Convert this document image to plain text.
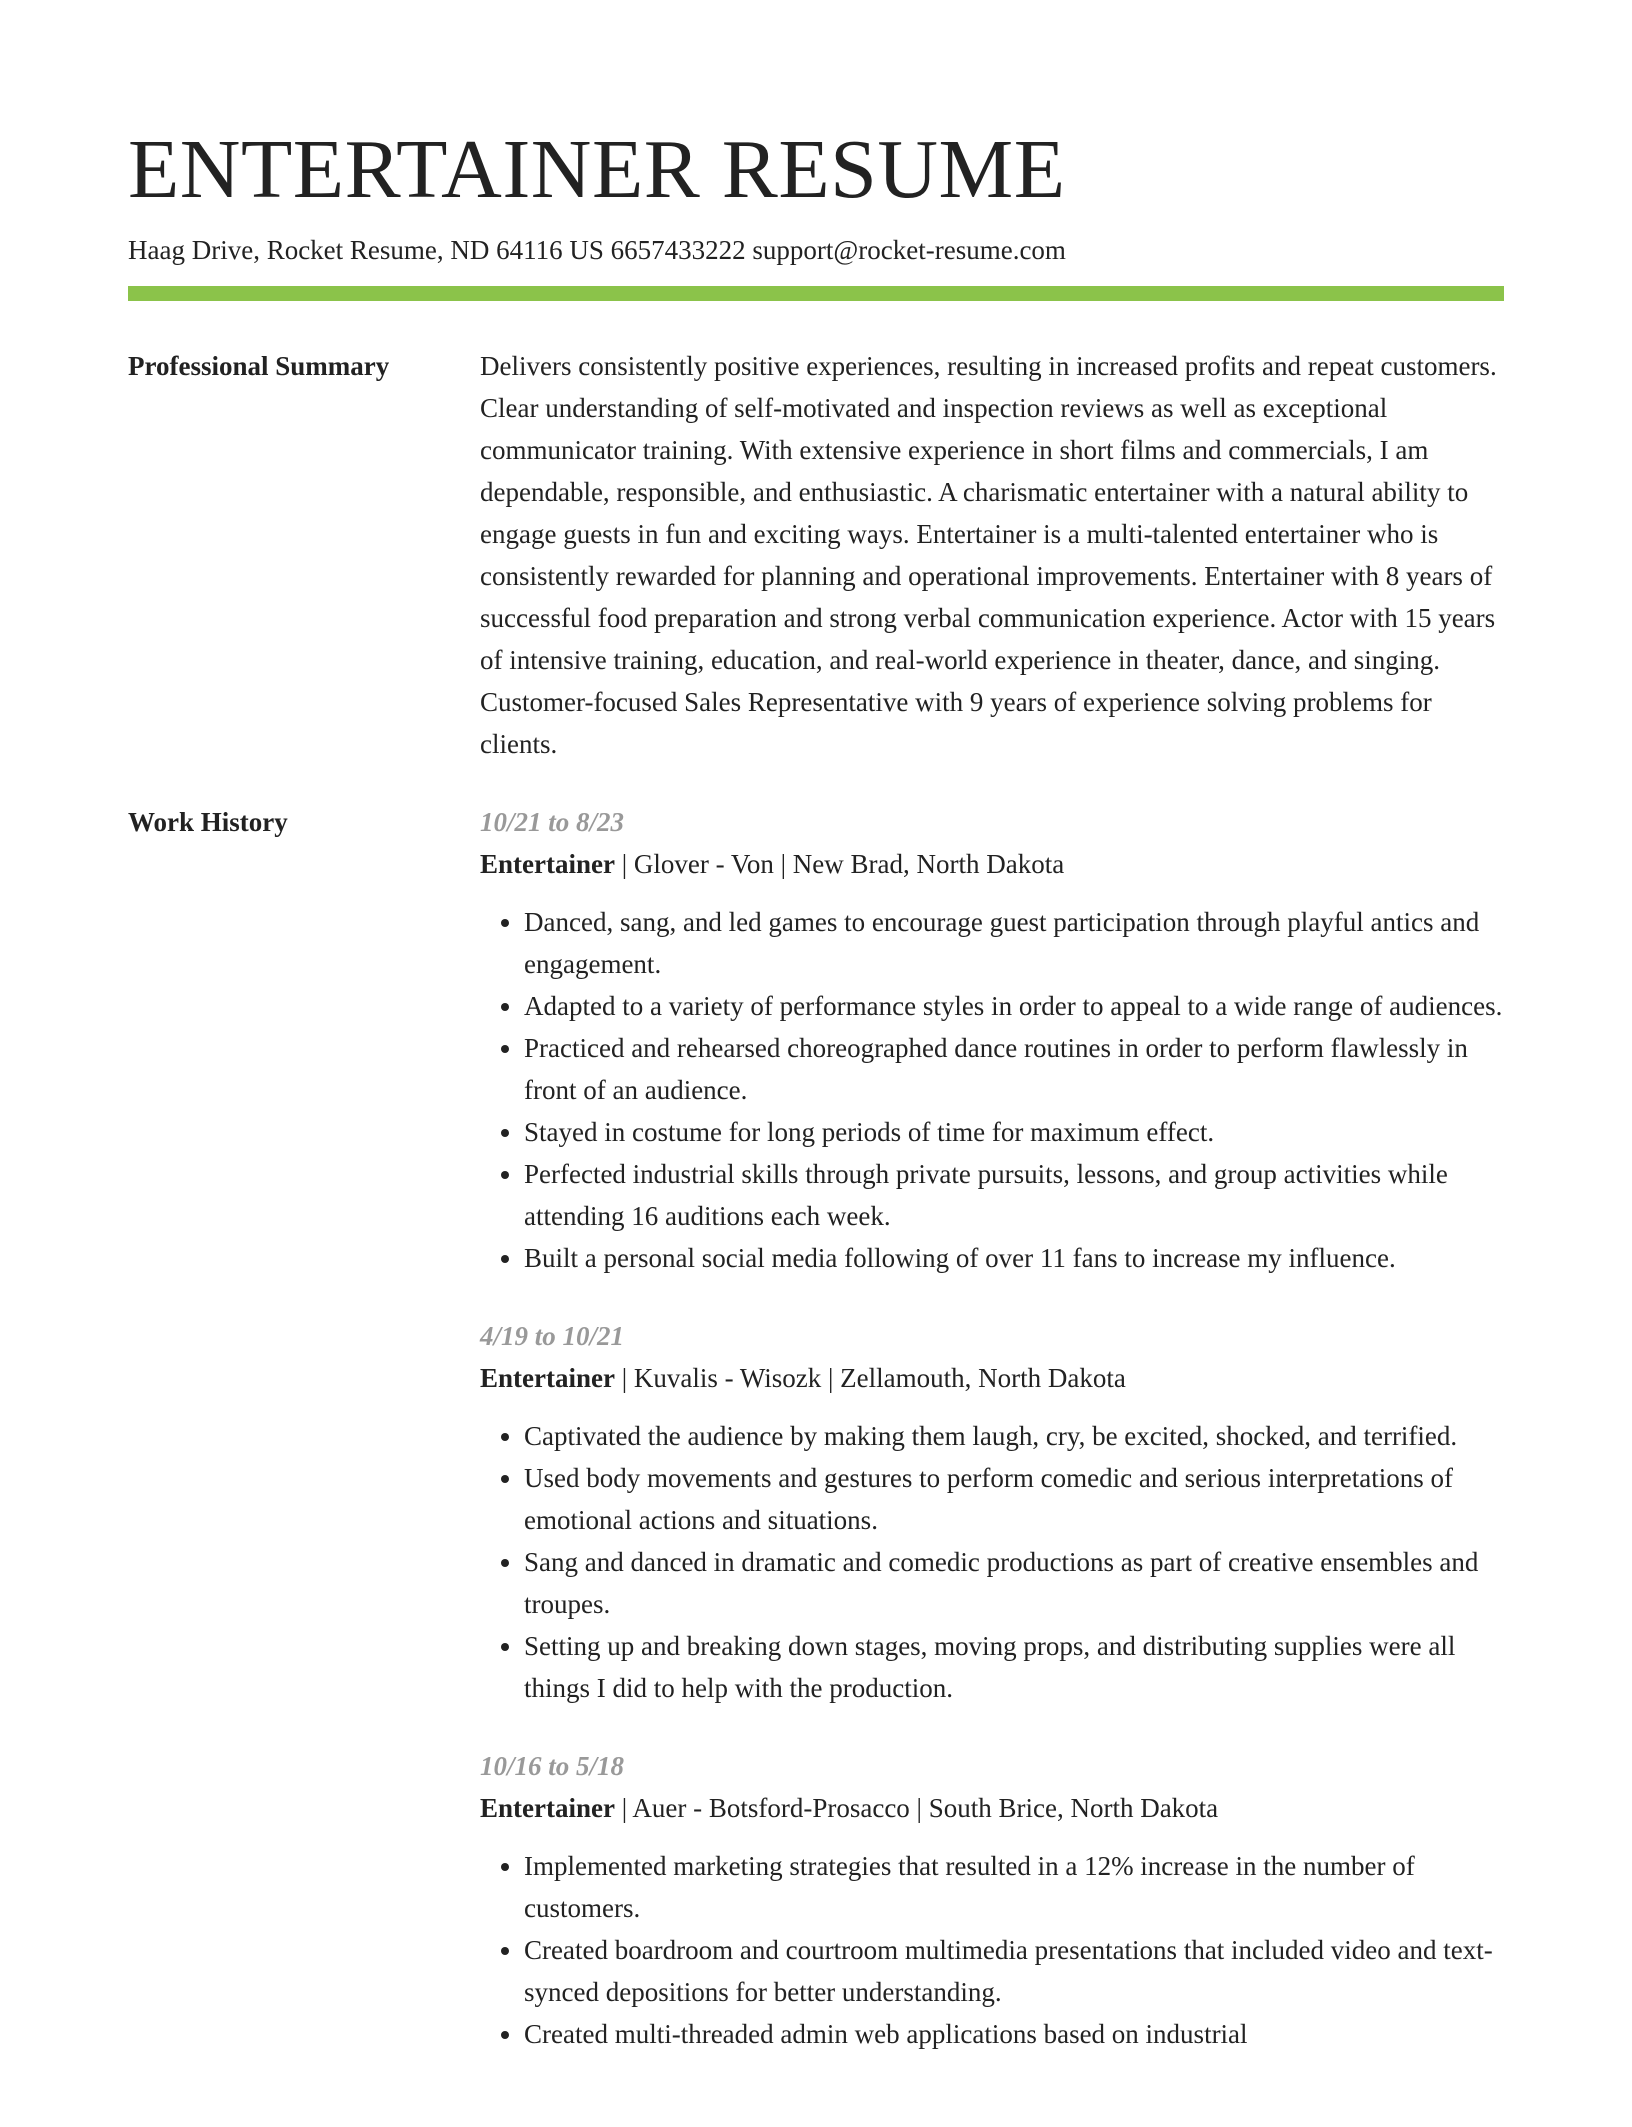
ENTERTAINER RESUME
Haag Drive, Rocket Resume, ND 64116 US 6657433222 support@rocket-resume.com
Professional Summary	Delivers consistently positive experiences, resulting in increased profits and repeat customers. Clear understanding of self-motivated and inspection reviews as well as exceptional communicator training. With extensive experience in short films and commercials, I am dependable, responsible, and enthusiastic. A charismatic entertainer with a natural ability to engage guests in fun and exciting ways. Entertainer is a multi-talented entertainer who is consistently rewarded for planning and operational improvements. Entertainer with 8 years of successful food preparation and strong verbal communication experience. Actor with 15 years of intensive training, education, and real-world experience in theater, dance, and singing. Customer-focused Sales Representative with 9 years of experience solving problems for clients.

Work History	10/21 to 8/23
Entertainer | Glover - Von | New Brad, North Dakota
• Danced, sang, and led games to encourage guest participation through playful antics and engagement.
• Adapted to a variety of performance styles in order to appeal to a wide range of audiences.
• Practiced and rehearsed choreographed dance routines in order to perform flawlessly in front of an audience.
• Stayed in costume for long periods of time for maximum effect.
• Perfected industrial skills through private pursuits, lessons, and group activities while attending 16 auditions each week.
• Built a personal social media following of over 11 fans to increase my influence.
4/19 to 10/21
Entertainer | Kuvalis - Wisozk | Zellamouth, North Dakota
• Captivated the audience by making them laugh, cry, be excited, shocked, and terrified.
• Used body movements and gestures to perform comedic and serious interpretations of emotional actions and situations.
• Sang and danced in dramatic and comedic productions as part of creative ensembles and troupes.
• Setting up and breaking down stages, moving props, and distributing supplies were all things I did to help with the production.
10/16 to 5/18
Entertainer | Auer - Botsford-Prosacco | South Brice, North Dakota
• Implemented marketing strategies that resulted in a 12% increase in the number of customers.
• Created boardroom and courtroom multimedia presentations that included video and text-synced depositions for better understanding.
• Created multi-threaded admin web applications based on industrial
